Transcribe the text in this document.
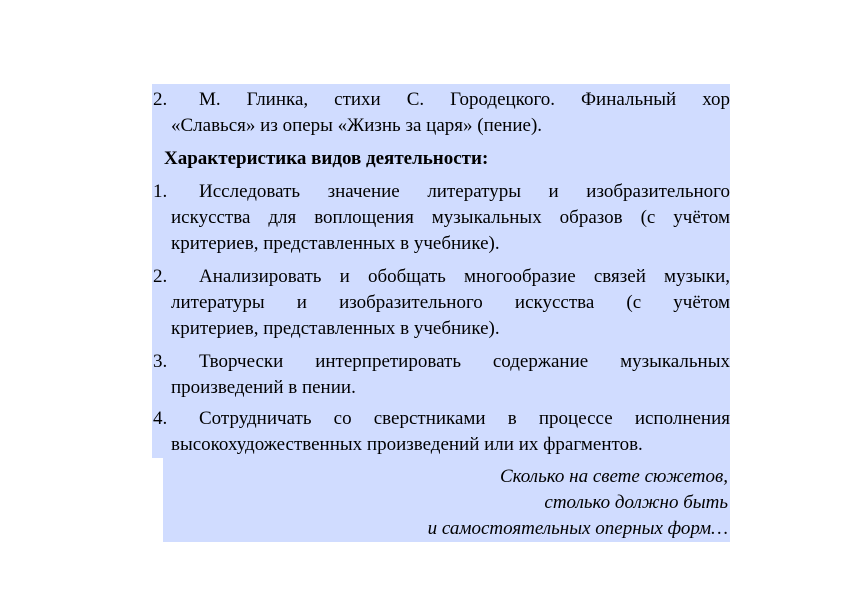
2. М. Глинка, стихи С. Городецкого. Финальный хор
«Славься» из оперы «Жизнь за царя» (пение).
Характеристика видов деятельности:
1. Исследовать значение литературы и изобразительного
искусства для воплощения музыкальных образов (с учётом
критериев, представленных в учебнике).
2. Анализировать и обобщать многообразие связей музыки,
литературы и изобразительного искусства (с учётом
критериев, представленных в учебнике).
3. Творчески интерпретировать содержание музыкальных
произведений в пении.
4. Сотрудничать со сверстниками в процессе исполнения
высокохудожественных произведений или их фрагментов.
Сколько на свете сюжетов,
столько должно быть
и самостоятельных оперных форм…
